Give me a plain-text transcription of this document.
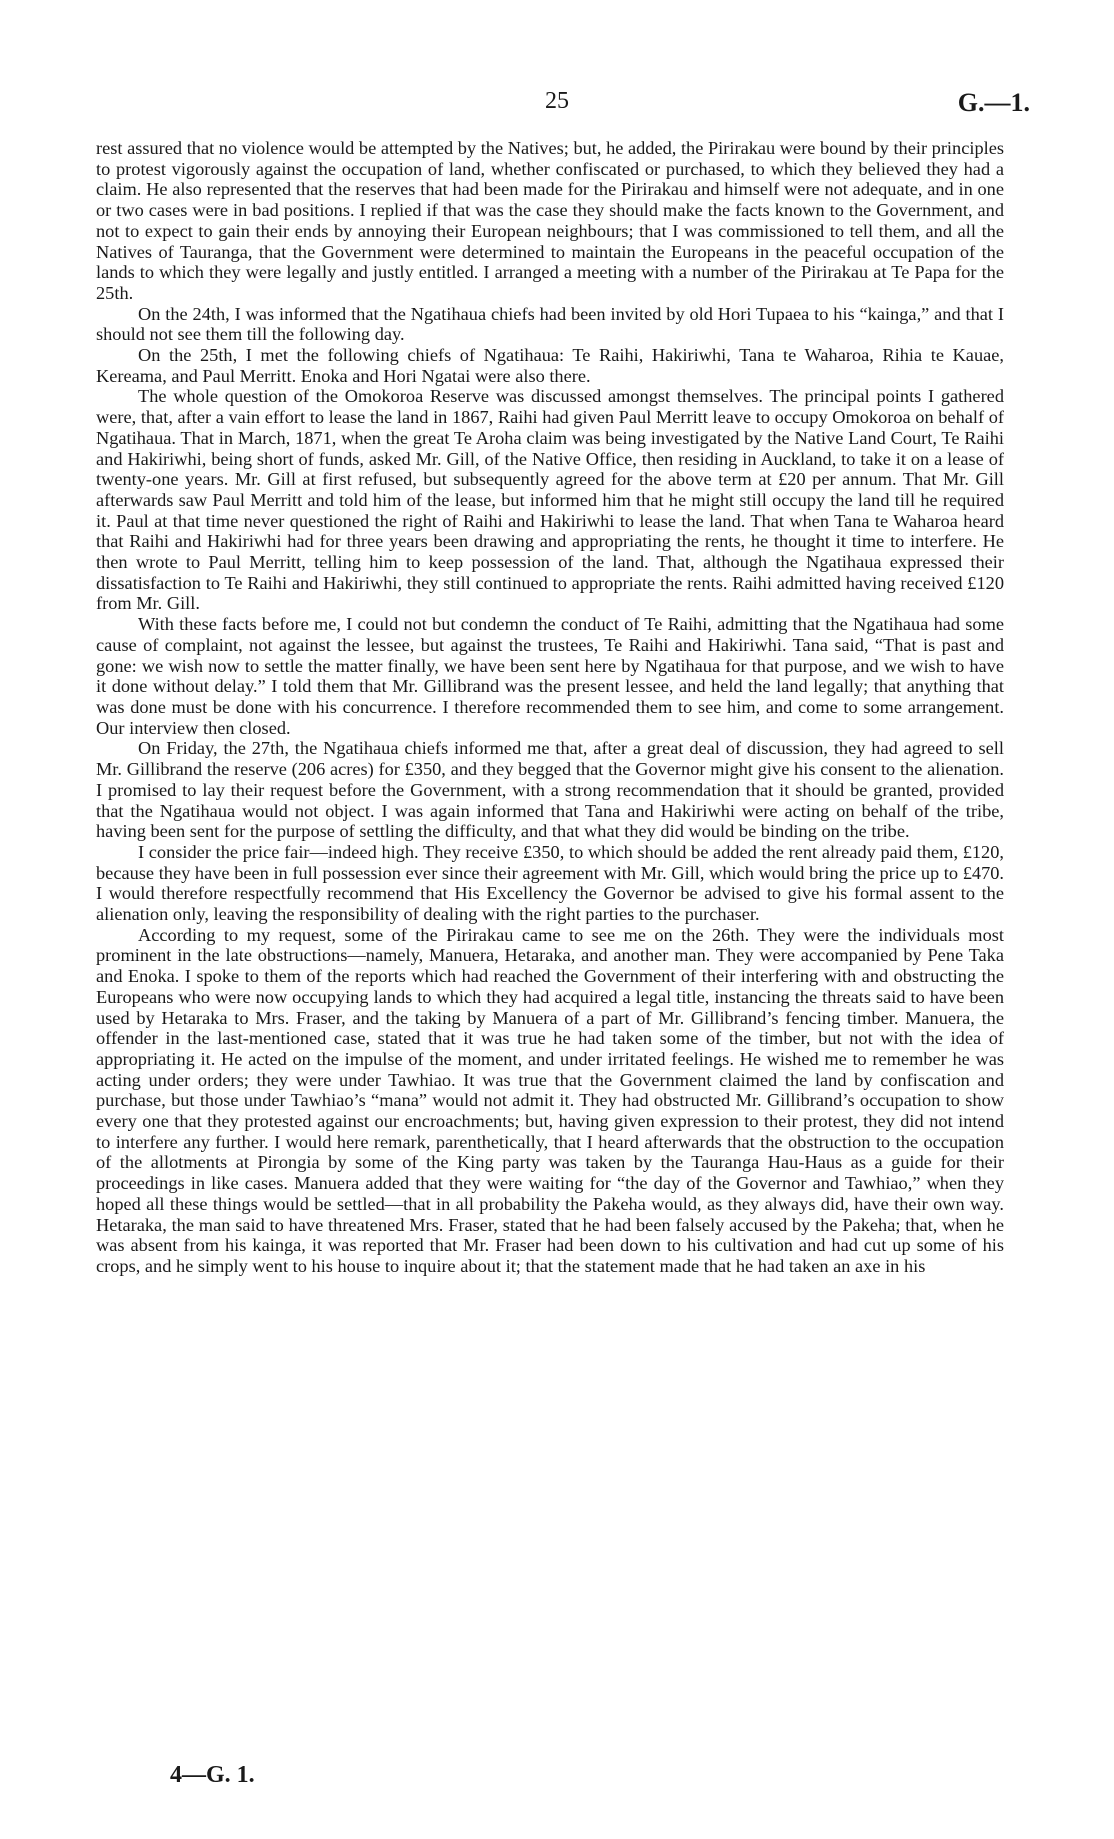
25	G.—1.

rest assured that no violence would be attempted by the Natives; but, he added, the Pirirakau were bound by their principles to protest vigorously against the occupation of land, whether confiscated or purchased, to which they believed they had a claim. He also represented that the reserves that had been made for the Pirirakau and himself were not adequate, and in one or two cases were in bad positions. I replied if that was the case they should make the facts known to the Government, and not to expect to gain their ends by annoying their European neighbours; that I was commissioned to tell them, and all the Natives of Tauranga, that the Government were determined to maintain the Europeans in the peaceful occupation of the lands to which they were legally and justly entitled. I arranged a meeting with a number of the Pirirakau at Te Papa for the 25th.

On the 24th, I was informed that the Ngatihaua chiefs had been invited by old Hori Tupaea to his “kainga,” and that I should not see them till the following day.

On the 25th, I met the following chiefs of Ngatihaua: Te Raihi, Hakiriwhi, Tana te Waharoa, Rihia te Kauae, Kereama, and Paul Merritt. Enoka and Hori Ngatai were also there.

The whole question of the Omokoroa Reserve was discussed amongst themselves. The principal points I gathered were, that, after a vain effort to lease the land in 1867, Raihi had given Paul Merritt leave to occupy Omokoroa on behalf of Ngatihaua. That in March, 1871, when the great Te Aroha claim was being investigated by the Native Land Court, Te Raihi and Hakiriwhi, being short of funds, asked Mr. Gill, of the Native Office, then residing in Auckland, to take it on a lease of twenty-one years. Mr. Gill at first refused, but subsequently agreed for the above term at £20 per annum. That Mr. Gill afterwards saw Paul Merritt and told him of the lease, but informed him that he might still occupy the land till he required it. Paul at that time never questioned the right of Raihi and Hakiriwhi to lease the land. That when Tana te Waharoa heard that Raihi and Hakiriwhi had for three years been drawing and appropriating the rents, he thought it time to interfere. He then wrote to Paul Merritt, telling him to keep possession of the land. That, although the Ngatihaua expressed their dissatisfaction to Te Raihi and Hakiriwhi, they still continued to appropriate the rents. Raihi admitted having received £120 from Mr. Gill.

With these facts before me, I could not but condemn the conduct of Te Raihi, admitting that the Ngatihaua had some cause of complaint, not against the lessee, but against the trustees, Te Raihi and Hakiriwhi. Tana said, “That is past and gone: we wish now to settle the matter finally, we have been sent here by Ngatihaua for that purpose, and we wish to have it done without delay.” I told them that Mr. Gillibrand was the present lessee, and held the land legally; that anything that was done must be done with his concurrence. I therefore recommended them to see him, and come to some arrangement. Our interview then closed.

On Friday, the 27th, the Ngatihaua chiefs informed me that, after a great deal of discussion, they had agreed to sell Mr. Gillibrand the reserve (206 acres) for £350, and they begged that the Governor might give his consent to the alienation. I promised to lay their request before the Government, with a strong recommendation that it should be granted, provided that the Ngatihaua would not object. I was again informed that Tana and Hakiriwhi were acting on behalf of the tribe, having been sent for the purpose of settling the difficulty, and that what they did would be binding on the tribe.

I consider the price fair—indeed high. They receive £350, to which should be added the rent already paid them, £120, because they have been in full possession ever since their agreement with Mr. Gill, which would bring the price up to £470. I would therefore respectfully recommend that His Excellency the Governor be advised to give his formal assent to the alienation only, leaving the responsibility of dealing with the right parties to the purchaser.

According to my request, some of the Pirirakau came to see me on the 26th. They were the individuals most prominent in the late obstructions—namely, Manuera, Hetaraka, and another man. They were accompanied by Pene Taka and Enoka. I spoke to them of the reports which had reached the Government of their interfering with and obstructing the Europeans who were now occupying lands to which they had acquired a legal title, instancing the threats said to have been used by Hetaraka to Mrs. Fraser, and the taking by Manuera of a part of Mr. Gillibrand’s fencing timber. Manuera, the offender in the last-mentioned case, stated that it was true he had taken some of the timber, but not with the idea of appropriating it. He acted on the impulse of the moment, and under irritated feelings. He wished me to remember he was acting under orders; they were under Tawhiao. It was true that the Government claimed the land by confiscation and purchase, but those under Tawhiao’s “mana” would not admit it. They had obstructed Mr. Gillibrand’s occupation to show every one that they protested against our encroachments; but, having given expression to their protest, they did not intend to interfere any further. I would here remark, parenthetically, that I heard afterwards that the obstruction to the occupation of the allotments at Pirongia by some of the King party was taken by the Tauranga Hau-Haus as a guide for their proceedings in like cases. Manuera added that they were waiting for “the day of the Governor and Tawhiao,” when they hoped all these things would be settled—that in all probability the Pakeha would, as they always did, have their own way. Hetaraka, the man said to have threatened Mrs. Fraser, stated that he had been falsely accused by the Pakeha; that, when he was absent from his kainga, it was reported that Mr. Fraser had been down to his cultivation and had cut up some of his crops, and he simply went to his house to inquire about it; that the statement made that he had taken an axe in his

4—G. 1.
